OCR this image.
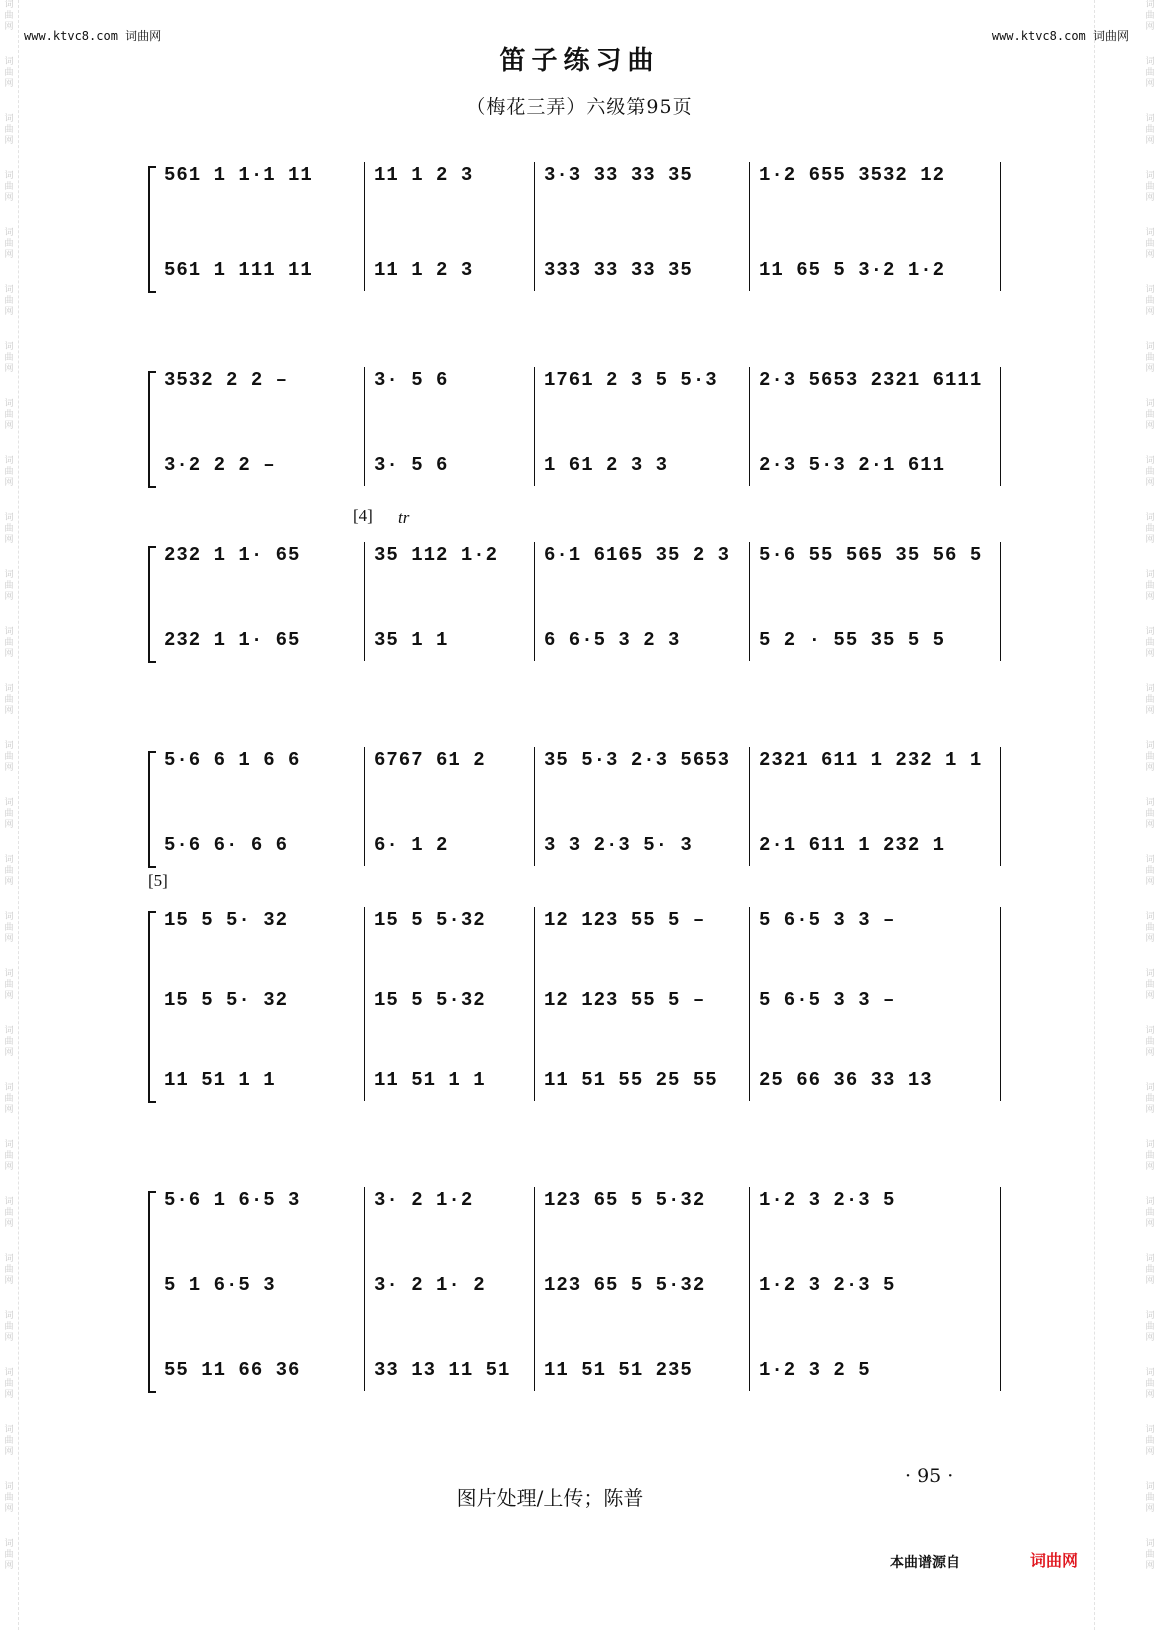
词
曲
网
词
曲
网
词
曲
网
词
曲
网
词
曲
网
词
曲
网
词
曲
网
词
曲
网
词
曲
网
词
曲
网
词
曲
网
词
曲
网
词
曲
网
词
曲
网
词
曲
网
词
曲
网
词
曲
网
词
曲
网
词
曲
网
词
曲
网
词
曲
网
词
曲
网
词
曲
网
词
曲
网
词
曲
网
词
曲
网
词
曲
网
词
曲
网
词
曲
网
词
曲
网
词
曲
网
词
曲
网
词
曲
网
词
曲
网
词
曲
网
词
曲
网
词
曲
网
词
曲
网
词
曲
网
词
曲
网
词
曲
网
词
曲
网
词
曲
网
词
曲
网
词
曲
网
词
曲
网
词
曲
网
词
曲
网
词
曲
网
词
曲
网
词
曲
网
词
曲
网
词
曲
网
词
曲
网
词
曲
网
词
曲
网
www.ktvc8.com 词曲网	www.ktvc8.com 词曲网
笛子练习曲
（梅花三弄）六级第95页
561 1 1·1 11	11 1 2 3	3·3 33 33 35	1·2 655 3532 12
561 1 111 11	11 1 2 3	333 33 33 35	11 65 5 3·2 1·2
3532 2 2 –	3· 5 6	1761 2 3 5 5·3	2·3 5653 2321 6111
3·2 2 2 –	3· 5 6	1 61 2 3 3	2·3 5·3 2·1 611
[4] tr
232 1 1· 65	35 112 1·2	6·1 6165 35 2 3	5·6 55 565 35 56 5
232 1 1· 65	35 1 1	6 6·5 3 2 3	5 2 · 55 35 5 5
5·6 6 1 6 6	6767 61 2	35 5·3 2·3 5653	2321 611 1 232 1 1
5·6 6· 6 6	6· 1 2	3 3 2·3 5· 3	2·1 611 1 232 1
[5]
15 5 5· 32	15 5 5·32	12 123 55 5 –	5 6·5 3 3 –
15 5 5· 32	15 5 5·32	12 123 55 5 –	5 6·5 3 3 –
11 51 1 1	11 51 1 1	11 51 55 25 55	25 66 36 33 13
5·6 1 6·5 3	3· 2 1·2	123 65 5 5·32	1·2 3 2·3 5
5 1 6·5 3	3· 2 1· 2	123 65 5 5·32	1·2 3 2·3 5
55 11 66 36	33 13 11 51	11 51 51 235	1·2 3 2 5
· 95 ·
图片处理/上传；陈普
本曲谱源自	词曲网
